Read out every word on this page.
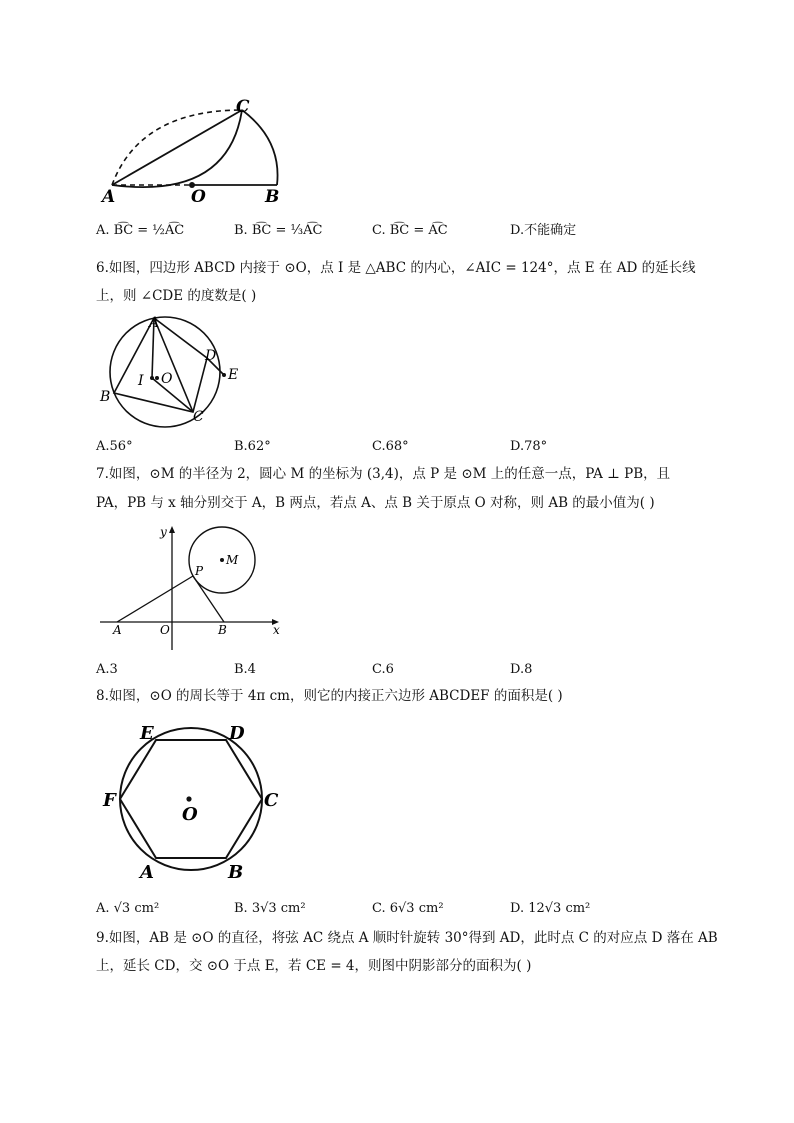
C
A	O	B
A. B͡C = ½A͡C	B. B͡C = ⅓A͡C	C. B͡C = A͡C	D.不能确定
6.如图，四边形 ABCD 内接于 ⊙O，点 I 是 △ABC 的内心，∠AIC = 124°，点 E 在 AD 的延长线
上，则 ∠CDE 的度数是( )
A
D
E
I O
B
C
A.56°	B.62°	C.68°	D.78°
7.如图，⊙M 的半径为 2，圆心 M 的坐标为 (3,4)，点 P 是 ⊙M 上的任意一点，PA ⊥ PB，且
PA，PB 与 x 轴分别交于 A，B 两点，若点 A、点 B 关于原点 O 对称，则 AB 的最小值为( )
y
x
M
P
A	O	B
A.3	B.4	C.6	D.8
8.如图，⊙O 的周长等于 4π cm，则它的内接正六边形 ABCDEF 的面积是( )
E	D
F	C
O
A	B
A. √3 cm²	B. 3√3 cm²	C. 6√3 cm²	D. 12√3 cm²
9.如图，AB 是 ⊙O 的直径，将弦 AC 绕点 A 顺时针旋转 30°得到 AD，此时点 C 的对应点 D 落在 AB
上，延长 CD，交 ⊙O 于点 E，若 CE = 4，则图中阴影部分的面积为( )
